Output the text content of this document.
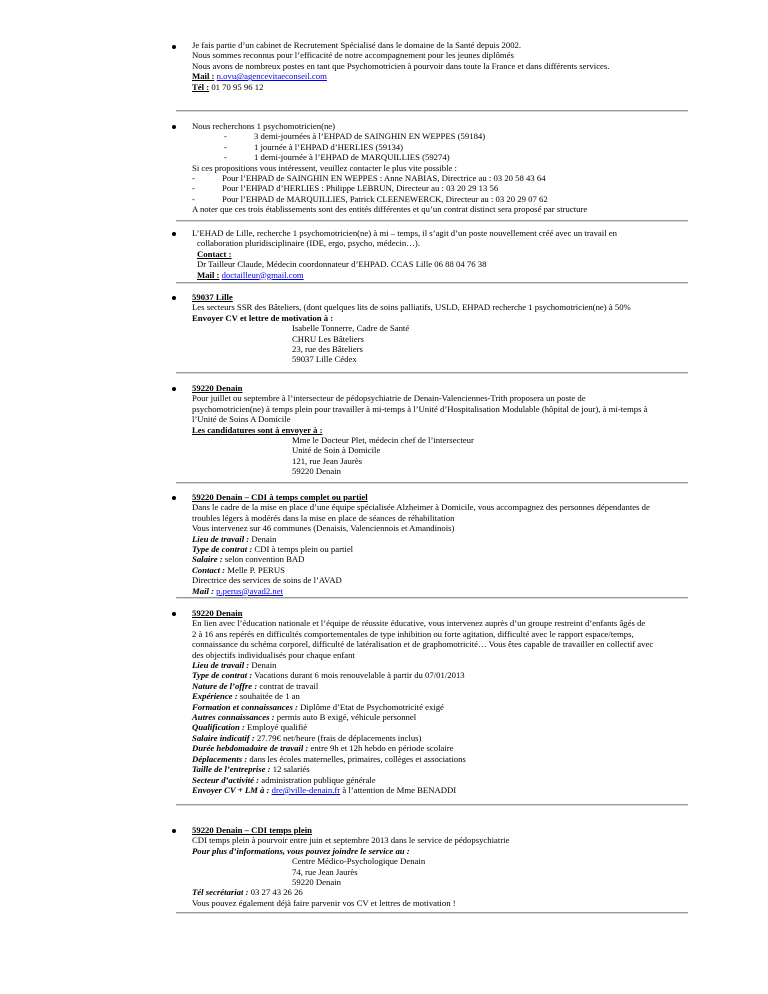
Je fais partie d’un cabinet de Recrutement Spécialisé dans le domaine de la Santé depuis 2002.
Nous sommes reconnus pour l’efficacité de notre accompagnement pour les jeunes diplômés
Nous avons de nombreux postes en tant que Psychomotricien à pourvoir dans toute la France et dans différents services.
Mail : n.ovu@agencevitaeconseil.com
Tél : 01 70 95 96 12
Nous recherchons 1 psychomotricien(ne)
-	3 demi-journées à l’EHPAD de SAINGHIN EN WEPPES (59184)
-	1 journée à l’EHPAD d’HERLIES (59134)
-	1 demi-journée à l’EHPAD de MARQUILLIES (59274)
Si ces propositions vous intéressent, veuillez contacter le plus vite possible :
-	Pour l’EHPAD de SAINGHIN EN WEPPES : Anne NABIAS, Directrice au : 03 20 58 43 64
-	Pour l’EHPAD d’HERLIES : Philippe LEBRUN, Directeur au : 03 20 29 13 56
-	Pour l’EHPAD de MARQUILLIES, Patrick CLEENEWERCK, Directeur au : 03 20 29 07 62
A noter que ces trois établissements sont des entités différentes et qu’un contrat distinct sera proposé par structure
L’EHAD de Lille, recherche 1 psychomotricien(ne) à mi – temps, il s’agit d’un poste nouvellement créé avec un travail en
collaboration pluridisciplinaire (IDE, ergo, psycho, médecin…).
Contact :
Dr Tailleur Claude, Médecin coordonnateur d’EHPAD. CCAS Lille 06 88 04 76 38
Mail : doctailleur@gmail.com
59037 Lille
Les secteurs SSR des Bâteliers, (dont quelques lits de soins palliatifs, USLD, EHPAD recherche 1 psychomotricien(ne) à 50%
Envoyer CV et lettre de motivation à :
Isabelle Tonnerre, Cadre de Santé
CHRU Les Bâteliers
23, rue des Bâteliers
59037 Lille Cédex
59220 Denain
Pour juillet ou septembre à l’intersecteur de pédopsychiatrie de Denain-Valenciennes-Trith proposera un poste de
psychomotricien(ne) à temps plein pour travailler à mi-temps à l’Unité d’Hospitalisation Modulable (hôpital de jour), à mi-temps à
l’Unité de Soins A Domicile
Les candidatures sont à envoyer à :
Mme le Docteur Plet, médecin chef de l’intersecteur
Unité de Soin à Domicile
121, rue Jean Jaurès
59220 Denain
59220 Denain – CDI à temps complet ou partiel
Dans le cadre de la mise en place d’une équipe spécialisée Alzheimer à Domicile, vous accompagnez des personnes dépendantes de
troubles légers à modérés dans la mise en place de séances de réhabilitation
Vous intervenez sur 46 communes (Denaisis, Valenciennois et Amandinois)
Lieu de travail : Denain
Type de contrat : CDI à temps plein ou partiel
Salaire : selon convention BAD
Contact : Melle P. PERUS
Directrice des services de soins de l’AVAD
Mail : p.perus@avad2.net
59220 Denain
En lien avec l’éducation nationale et l’équipe de réussite éducative, vous intervenez auprès d’un groupe restreint d’enfants âgés de
2 à 16 ans repérés en difficultés comportementales de type inhibition ou forte agitation, difficulté avec le rapport espace/temps,
connaissance du schéma corporel, difficulté de latéralisation et de graphomotricité… Vous êtes capable de travailler en collectif avec
des objectifs individualisés pour chaque enfant
Lieu de travail : Denain
Type de contrat : Vacations durant 6 mois renouvelable à partir du 07/01/2013
Nature de l’offre : contrat de travail
Expérience : souhaitée de 1 an
Formation et connaissances : Diplôme d’Etat de Psychomotricité exigé
Autres connaissances : permis auto B exigé, véhicule personnel
Qualification : Employé qualifié
Salaire indicatif : 27.79€ net/heure (frais de déplacements inclus)
Durée hebdomadaire de travail : entre 9h et 12h hebdo en période scolaire
Déplacements : dans les écoles maternelles, primaires, collèges et associations
Taille de l’entreprise : 12 salariés
Secteur d’activité : administration publique générale
Envoyer CV + LM à : dre@ville-denain.fr à l’attention de Mme BENADDI
59220 Denain – CDI temps plein
CDI temps plein à pourvoir entre juin et septembre 2013 dans le service de pédopsychiatrie
Pour plus d’informations, vous pouvez joindre le service au :
Centre Médico-Psychologique Denain
74, rue Jean Jaurès
59220 Denain
Tél secrétariat : 03 27 43 26 26
Vous pouvez également déjà faire parvenir vos CV et lettres de motivation !
